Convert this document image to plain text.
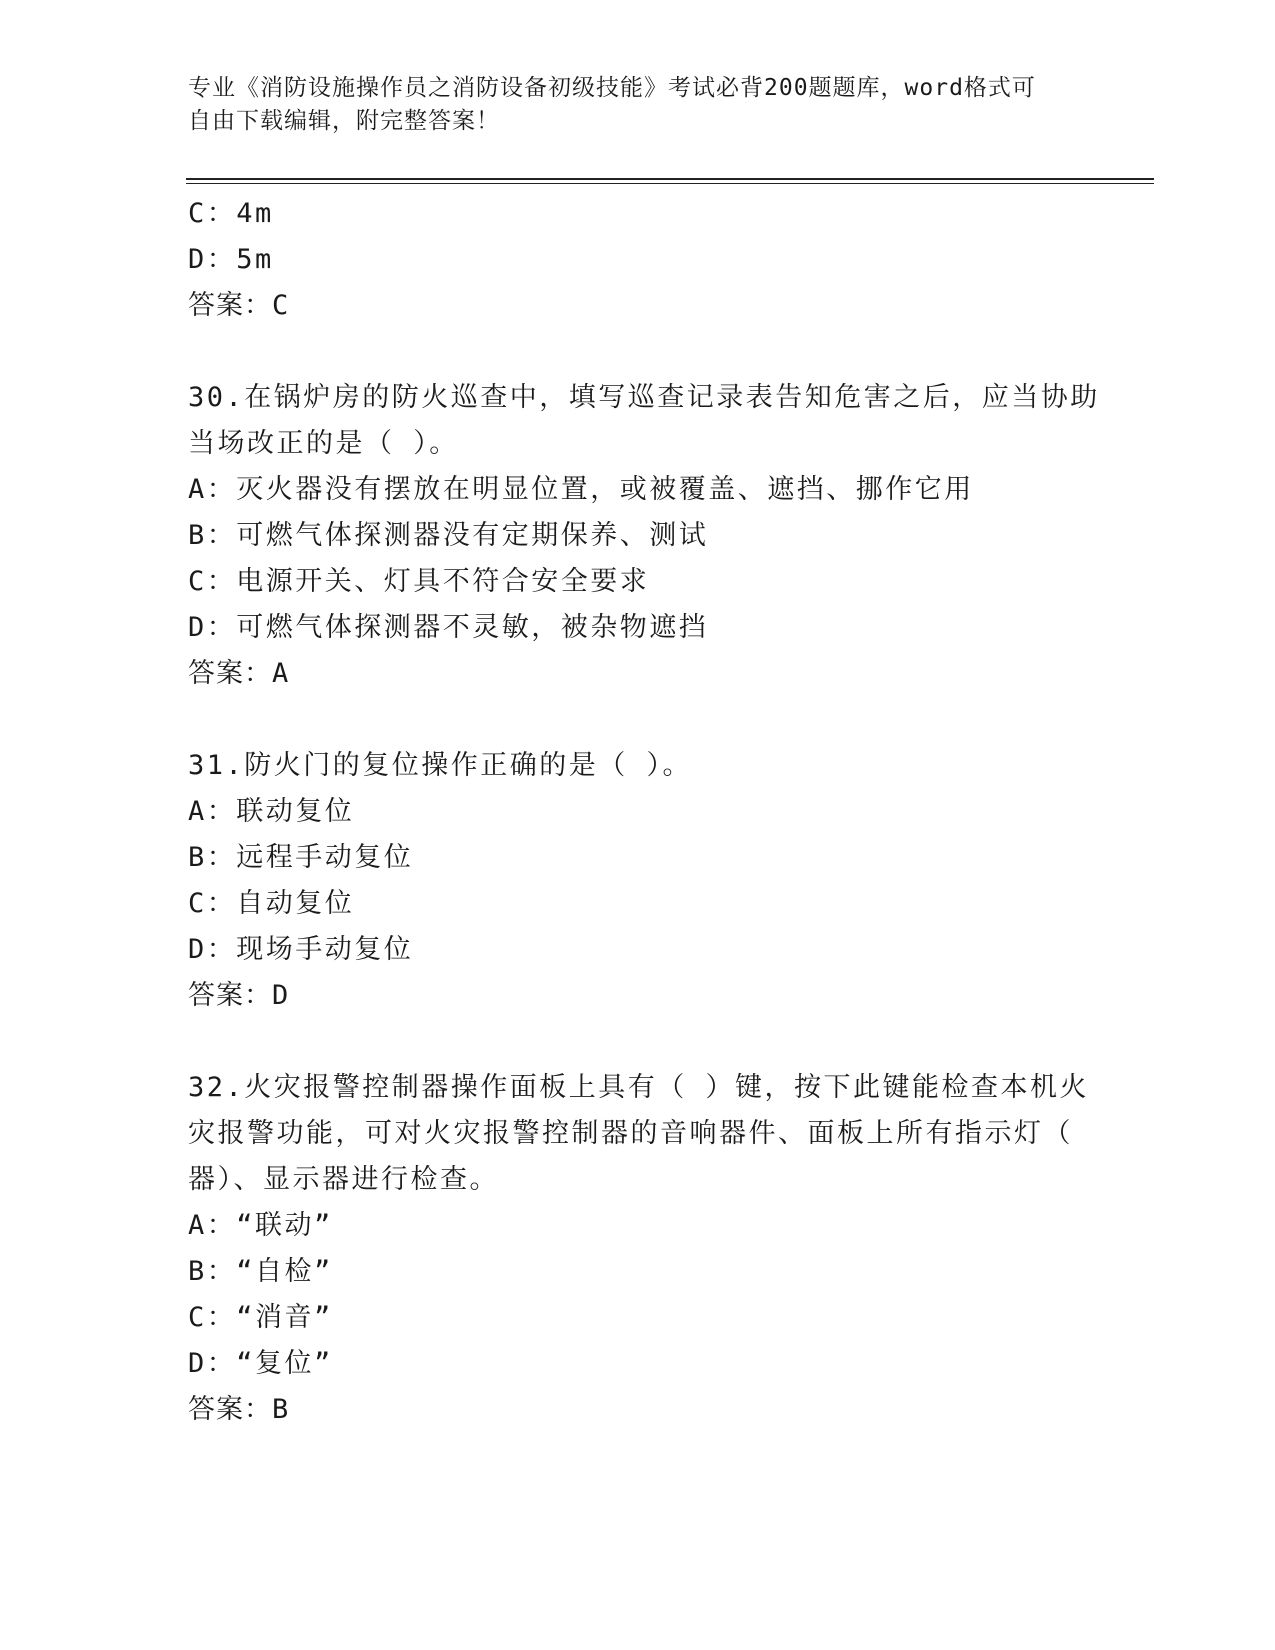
专业《消防设施操作员之消防设备初级技能》考试必背200题题库，word格式可

自由下载编辑，附完整答案！

C：4m

D：5m

答案：C

30.在锅炉房的防火巡查中，填写巡查记录表告知危害之后，应当协助

当场改正的是（ ）。

A：灭火器没有摆放在明显位置，或被覆盖、遮挡、挪作它用

B：可燃气体探测器没有定期保养、测试

C：电源开关、灯具不符合安全要求

D：可燃气体探测器不灵敏，被杂物遮挡

答案：A

31.防火门的复位操作正确的是（ ）。

A：联动复位

B：远程手动复位

C：自动复位

D：现场手动复位

答案：D

32.火灾报警控制器操作面板上具有（ ）键，按下此键能检查本机火

灾报警功能，可对火灾报警控制器的音响器件、面板上所有指示灯（

器）、显示器进行检查。

A：“联动”

B：“自检”

C：“消音”

D：“复位”

答案：B
